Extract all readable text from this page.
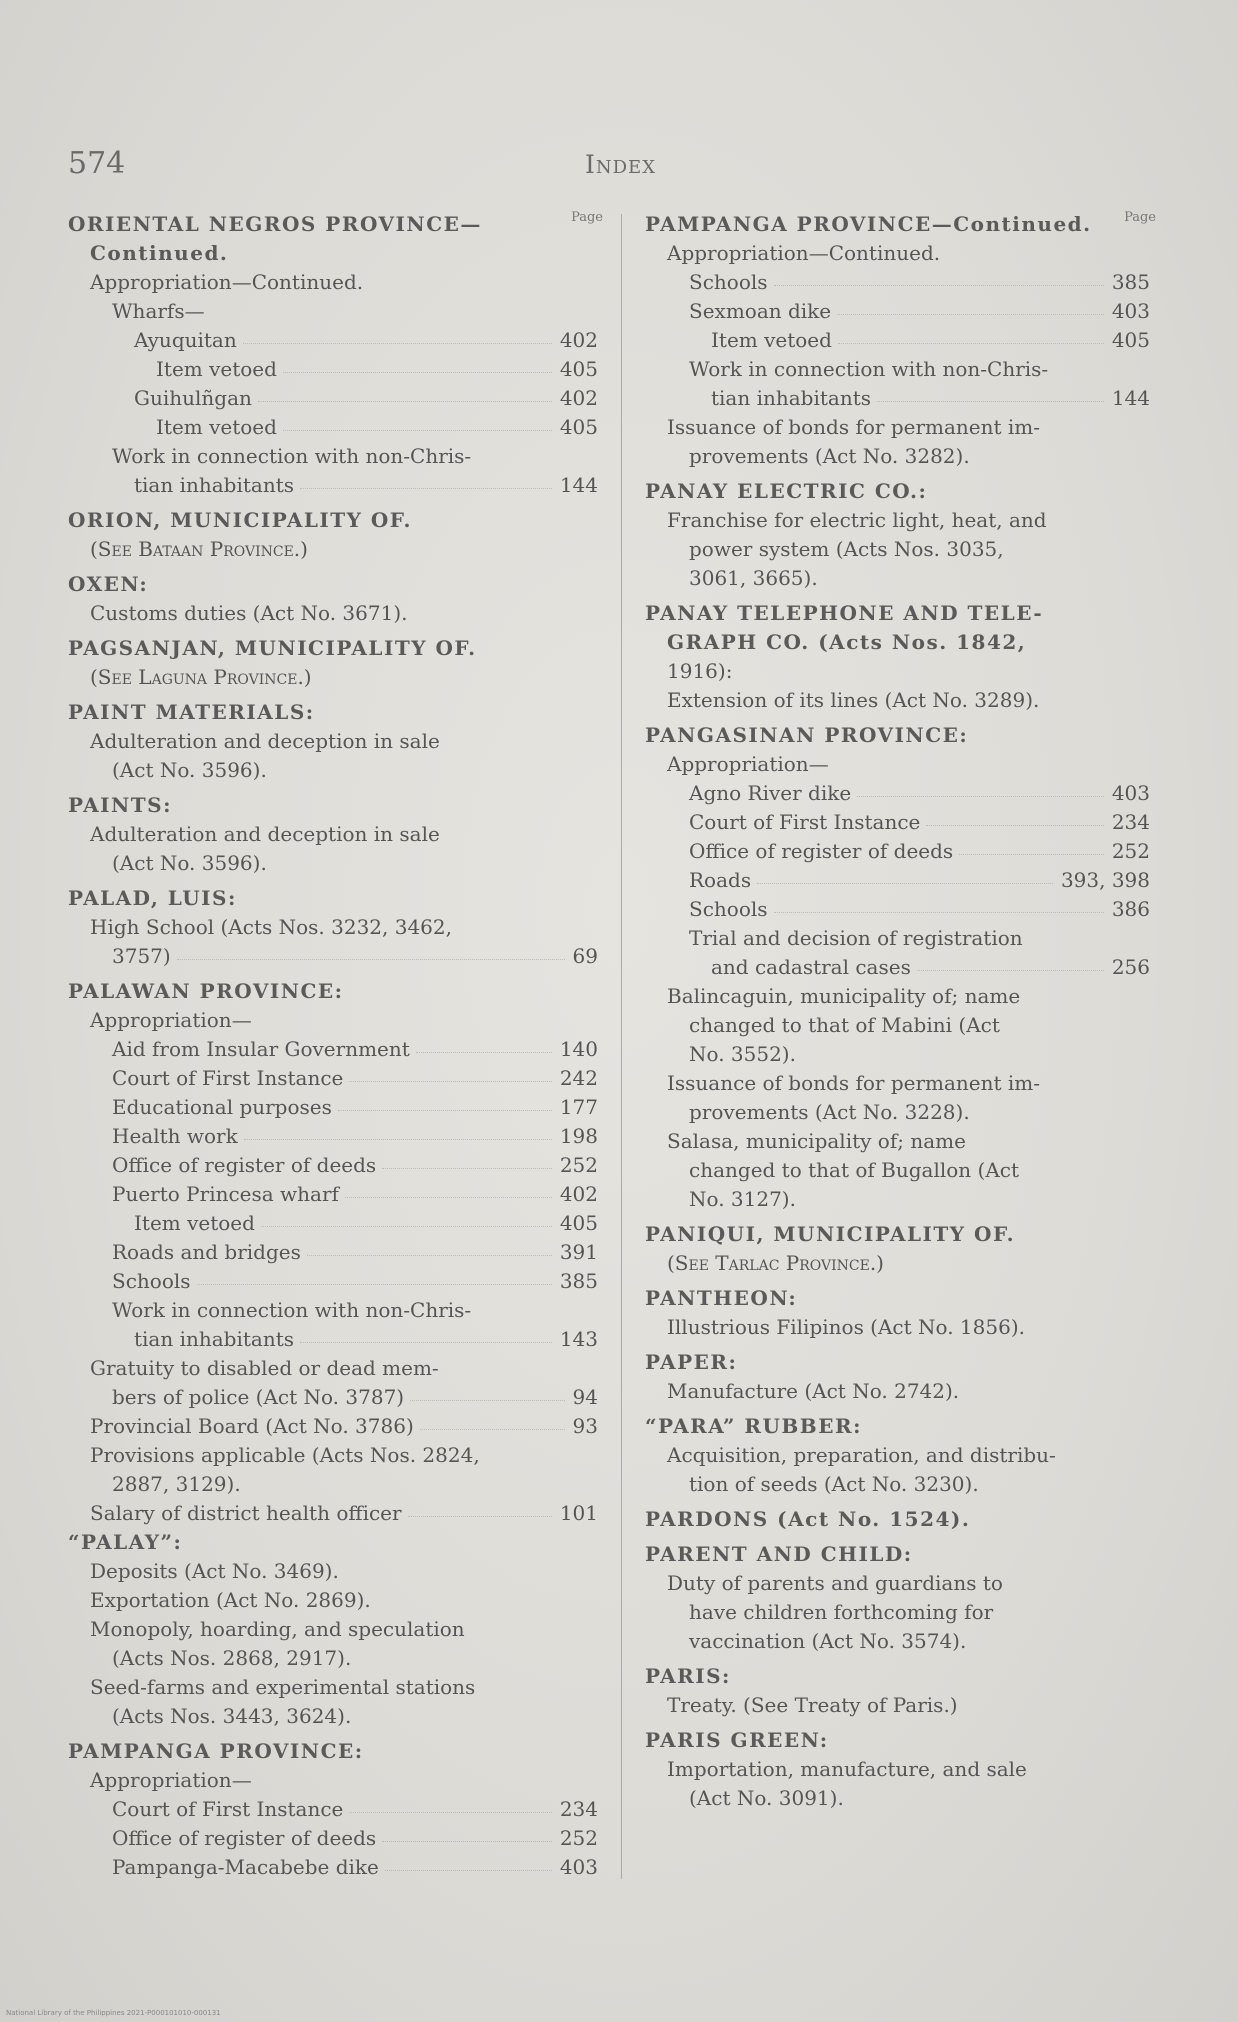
574	Index
Page
ORIENTAL NEGROS PROVINCE—
Continued.
Appropriation—Continued.
Wharfs—
Ayuquitan	402
Item vetoed	405
Guihulñgan	402
Item vetoed	405
Work in connection with non-Chris-
tian inhabitants	144
ORION, MUNICIPALITY OF.
(See Bataan Province.)
OXEN:
Customs duties (Act No. 3671).
PAGSANJAN, MUNICIPALITY OF.
(See Laguna Province.)
PAINT MATERIALS:
Adulteration and deception in sale
(Act No. 3596).
PAINTS:
Adulteration and deception in sale
(Act No. 3596).
PALAD, LUIS:
High School (Acts Nos. 3232, 3462,
3757)	69
PALAWAN PROVINCE:
Appropriation—
Aid from Insular Government	140
Court of First Instance	242
Educational purposes	177
Health work	198
Office of register of deeds	252
Puerto Princesa wharf	402
Item vetoed	405
Roads and bridges	391
Schools	385
Work in connection with non-Chris-
tian inhabitants	143
Gratuity to disabled or dead mem-
bers of police (Act No. 3787)	94
Provincial Board (Act No. 3786)	93
Provisions applicable (Acts Nos. 2824,
2887, 3129).
Salary of district health officer	101
“PALAY”:
Deposits (Act No. 3469).
Exportation (Act No. 2869).
Monopoly, hoarding, and speculation
(Acts Nos. 2868, 2917).
Seed-farms and experimental stations
(Acts Nos. 3443, 3624).
PAMPANGA PROVINCE:
Appropriation—
Court of First Instance	234
Office of register of deeds	252
Pampanga-Macabebe dike	403
Page
PAMPANGA PROVINCE—Continued.
Appropriation—Continued.
Schools	385
Sexmoan dike	403
Item vetoed	405
Work in connection with non-Chris-
tian inhabitants	144
Issuance of bonds for permanent im-
provements (Act No. 3282).
PANAY ELECTRIC CO.:
Franchise for electric light, heat, and
power system (Acts Nos. 3035,
3061, 3665).
PANAY TELEPHONE AND TELE-
GRAPH CO. (Acts Nos. 1842,
1916):
Extension of its lines (Act No. 3289).
PANGASINAN PROVINCE:
Appropriation—
Agno River dike	403
Court of First Instance	234
Office of register of deeds	252
Roads	393, 398
Schools	386
Trial and decision of registration
and cadastral cases	256
Balincaguin, municipality of; name
changed to that of Mabini (Act
No. 3552).
Issuance of bonds for permanent im-
provements (Act No. 3228).
Salasa, municipality of; name
changed to that of Bugallon (Act
No. 3127).
PANIQUI, MUNICIPALITY OF.
(See Tarlac Province.)
PANTHEON:
Illustrious Filipinos (Act No. 1856).
PAPER:
Manufacture (Act No. 2742).
“PARA” RUBBER:
Acquisition, preparation, and distribu-
tion of seeds (Act No. 3230).
PARDONS (Act No. 1524).
PARENT AND CHILD:
Duty of parents and guardians to
have children forthcoming for
vaccination (Act No. 3574).
PARIS:
Treaty. (See Treaty of Paris.)
PARIS GREEN:
Importation, manufacture, and sale
(Act No. 3091).
National Library of the Philippines 2021-P000101010-000131
